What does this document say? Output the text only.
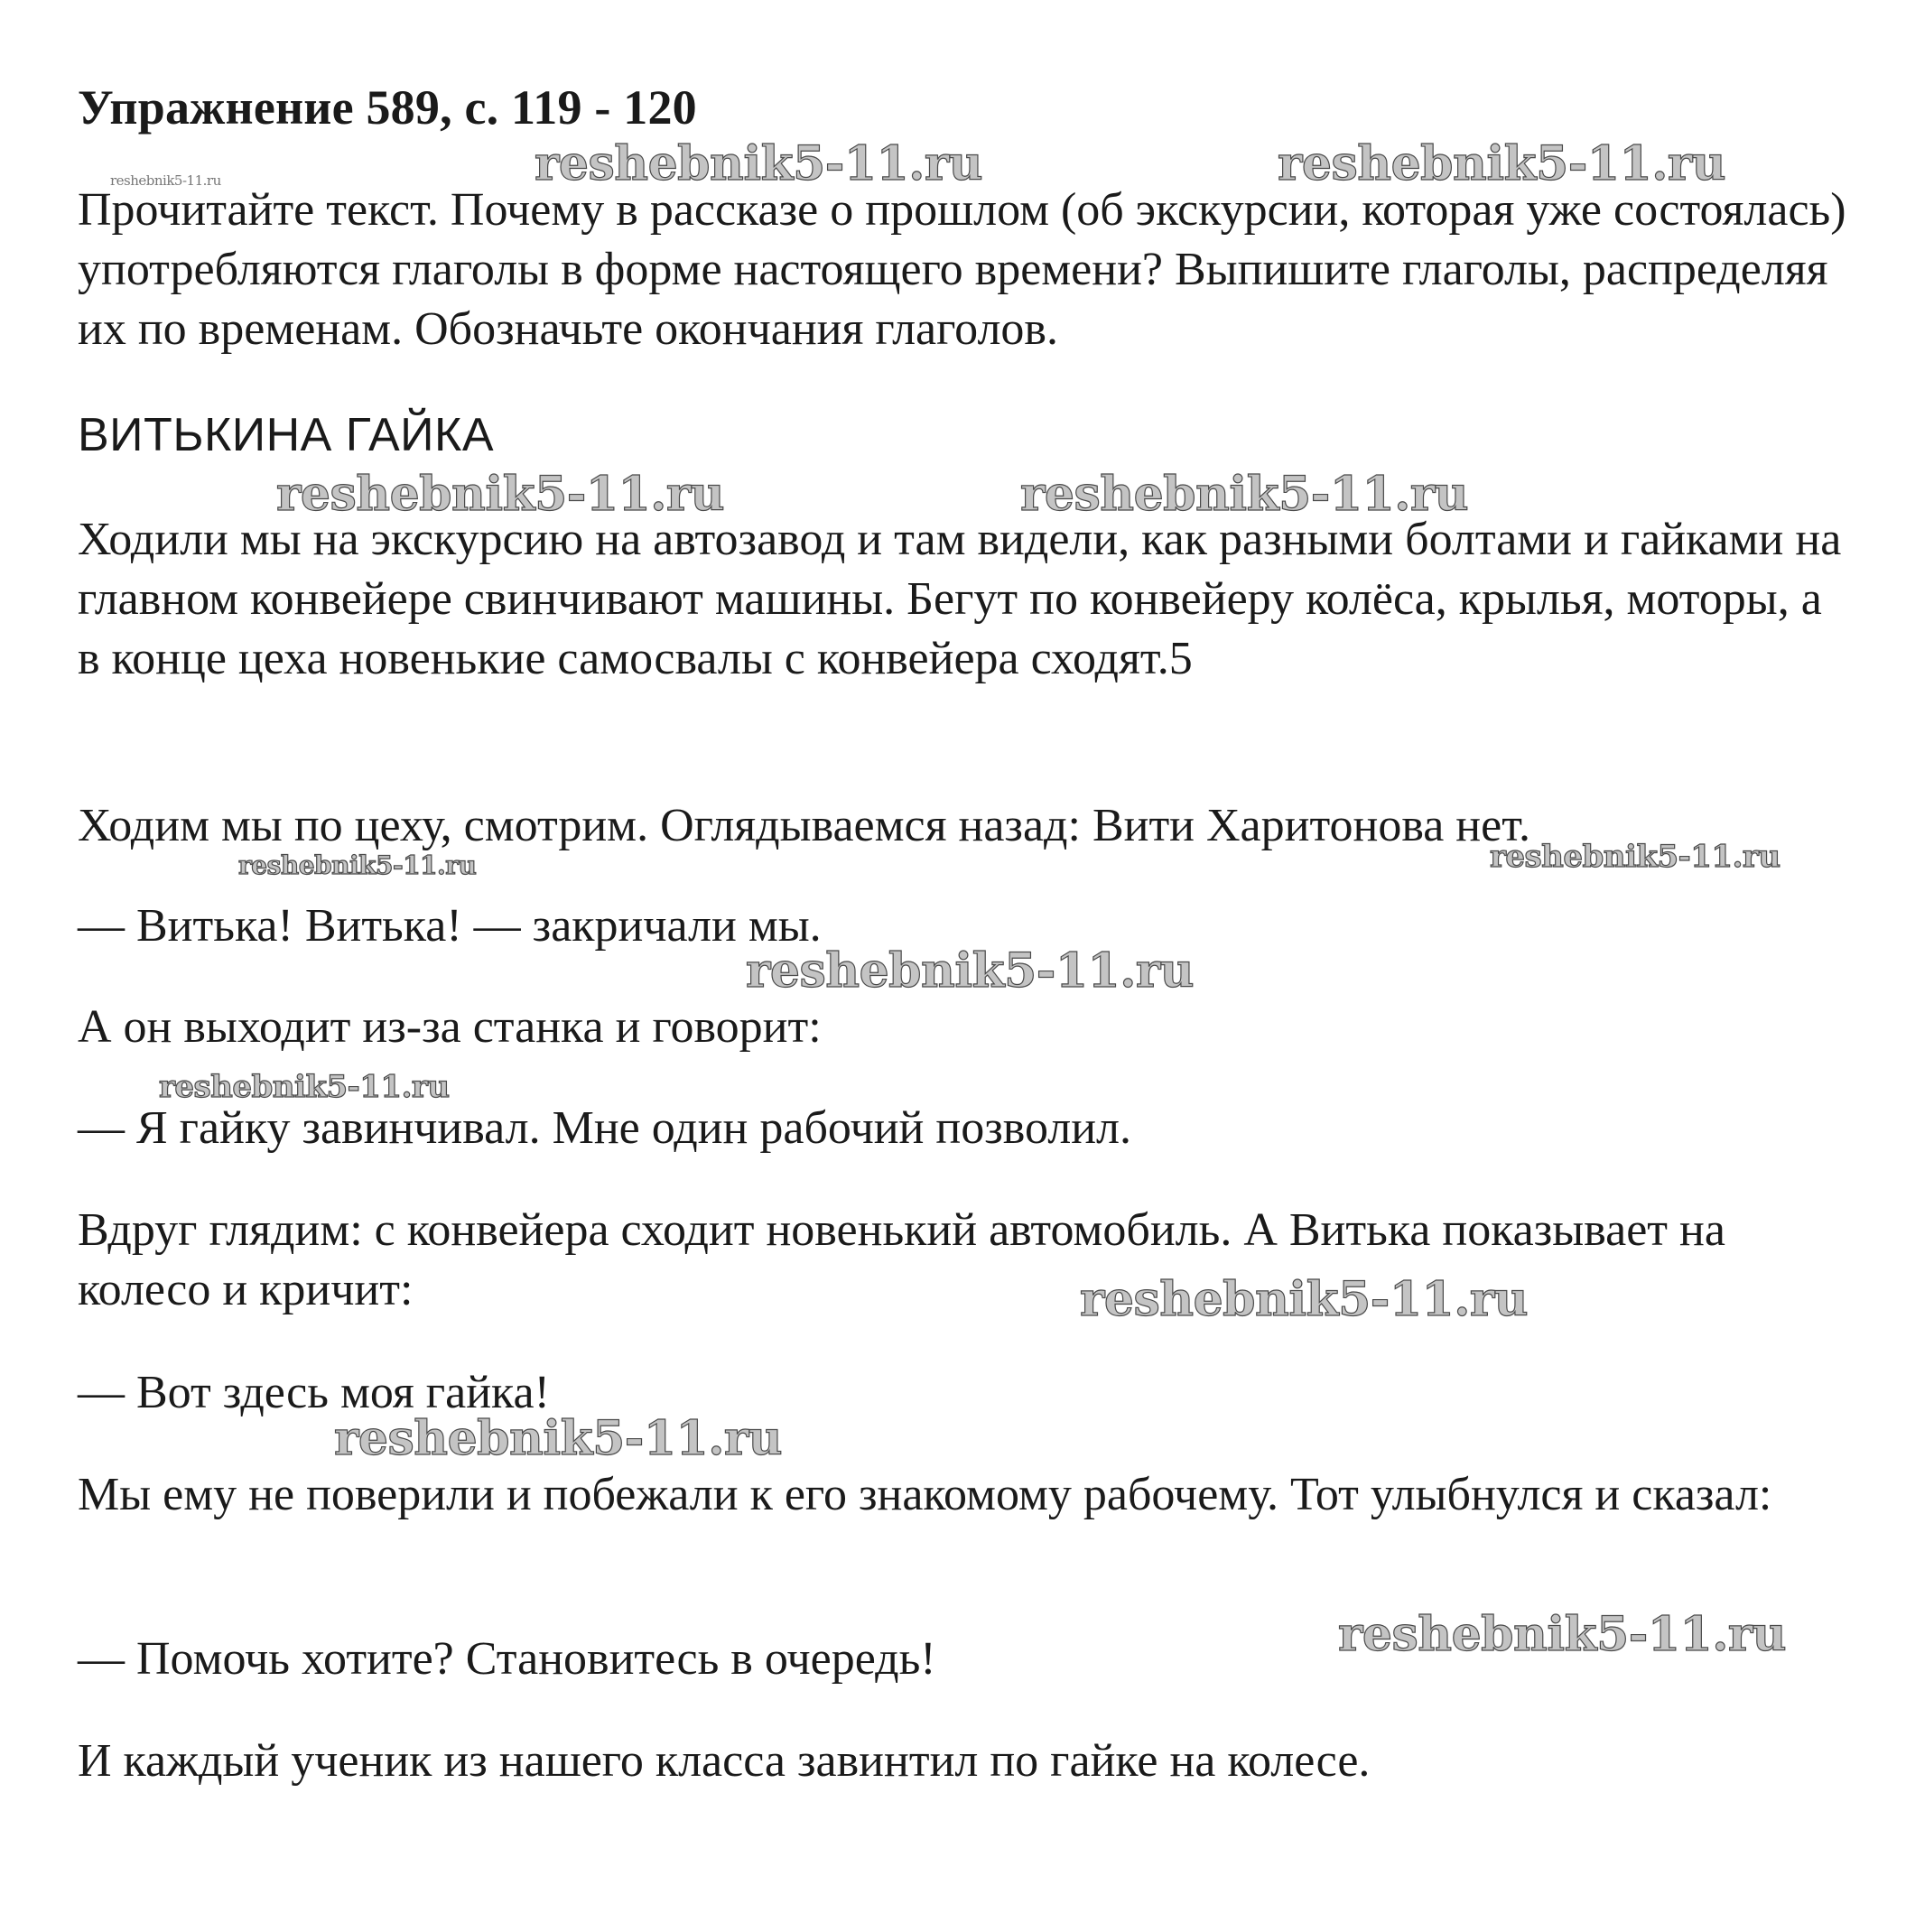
Упражнение 589, с. 119 - 120

Прочитайте текст. Почему в рассказе о прошлом (об экскурсии, которая уже состоялась) употребляются глаголы в форме настоящего времени? Выпишите глаголы, распределяя их по временам. Обозначьте окончания глаголов.

ВИТЬКИНА ГАЙКА

Ходили мы на экскурсию на автозавод и там видели, как разными болтами и гайками на главном конвейере свинчивают машины. Бегут по конвейеру колёса, крылья, моторы, а в конце цеха новенькие самосвалы с конвейера сходят.5

Ходим мы по цеху, смотрим. Оглядываемся назад: Вити Харитонова нет.

— Витька! Витька! — закричали мы.

А он выходит из-за станка и говорит:

— Я гайку завинчивал. Мне один рабочий позволил.

Вдруг глядим: с конвейера сходит новенький автомобиль. А Витька показывает на колесо и кричит:

— Вот здесь моя гайка!

Мы ему не поверили и побежали к его знакомому рабочему. Тот улыбнулся и сказал:

— Помочь хотите? Становитесь в очередь!

И каждый ученик из нашего класса завинтил по гайке на колесе.

reshebnik5-11.ru	reshebnik5-11.ru	reshebnik5-11.ru
reshebnik5-11.ru	reshebnik5-11.ru
reshebnik5-11.ru	reshebnik5-11.ru
reshebnik5-11.ru
reshebnik5-11.ru
reshebnik5-11.ru
reshebnik5-11.ru
reshebnik5-11.ru
